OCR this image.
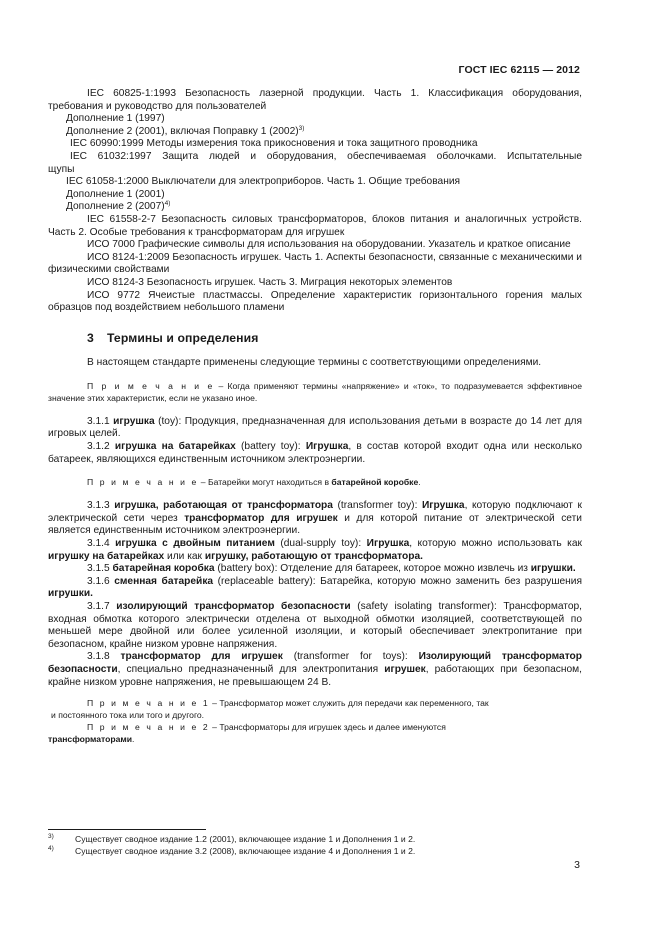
ГОСТ IEC 62115 — 2012

IEC 60825-1:1993 Безопасность лазерной продукции. Часть 1. Классификация оборудования,

требования и руководство для пользователей

Дополнение 1 (1997)

Дополнение 2 (2001), включая Поправку 1 $(2002)^{3)}$

IEC 60990:1999 Методы измерения тока прикосновения и тока защитного проводника

IEC 61032:1997 Защита людей и оборудования, обеспечиваемая оболочками. Испытательные

щупы

IEC 61058-1:2000 Выключатели для электроприборов. Часть 1. Общие требования

Дополнение 1 (2001)

Дополнение 2 $(2007)^{4)}$

IEC 61558-2-7 Безопасность силовых трансформаторов, блоков питания и аналогичных устройств. Часть 2. Особые требования к трансформаторам для игрушек

ИСО 7000 Графические символы для использования на оборудовании. Указатель и краткое описание

ИСО 8124-1:2009 Безопасность игрушек. Часть 1. Аспекты безопасности, связанные с механическими и физическими свойствами

ИСО 8124-3 Безопасность игрушек. Часть 3. Миграция некоторых элементов

ИСО 9772 Ячеистые пластмассы. Определение характеристик горизонтального горения малых образцов под воздействием небольшого пламени

3 Термины и определения

В настоящем стандарте применены следующие термины с соответствующими определениями.

П р и м е ч а н и е – Когда применяют термины «напряжение» и «ток», то подразумевается эффективное значение этих характеристик, если не указано иное.

3.1.1 игрушка (toy): Продукция, предназначенная для использования детьми в возрасте до 14 лет для игровых целей.

3.1.2 игрушка на батарейках (battery toy): Игрушка, в состав которой входит одна или несколько батареек, являющихся единственным источником электроэнергии.

П р и м е ч а н и е – Батарейки могут находиться в батарейной коробке.

3.1.3 игрушка, работающая от трансформатора (transformer toy): Игрушка, которую подключают к электрической сети через трансформатор для игрушек и для которой питание от электрической сети является единственным источником электроэнергии.

3.1.4 игрушка с двойным питанием (dual-supply toy): Игрушка, которую можно использовать как игрушку на батарейках или как игрушку, работающую от трансформатора.

3.1.5 батарейная коробка (battery box): Отделение для батареек, которое можно извлечь из игрушки.

3.1.6 сменная батарейка (replaceable battery): Батарейка, которую можно заменить без разрушения игрушки.

3.1.7 изолирующий трансформатор безопасности (safety isolating transformer): Трансформатор, входная обмотка которого электрически отделена от выходной обмотки изоляцией, соответствующей по меньшей мере двойной или более усиленной изоляции, и который обеспечивает электропитание при безопасном, крайне низком уровне напряжения.

3.1.8 трансформатор для игрушек (transformer for toys): Изолирующий трансформатор безопасности, специально предназначенный для электропитания игрушек, работающих при безопасном, крайне низком уровне напряжения, не превышающем 24 В.

П р и м е ч а н и е 1 – Трансформатор может служить для передачи как переменного, так

и постоянного тока или того и другого.

П р и м е ч а н и е 2 – Трансформаторы для игрушек здесь и далее именуются

трансформаторами.

3) Существует сводное издание 1.2 (2001), включающее издание 1 и Дополнения 1 и 2.
4) Существует сводное издание 3.2 (2008), включающее издание 4 и Дополнения 1 и 2.
3
